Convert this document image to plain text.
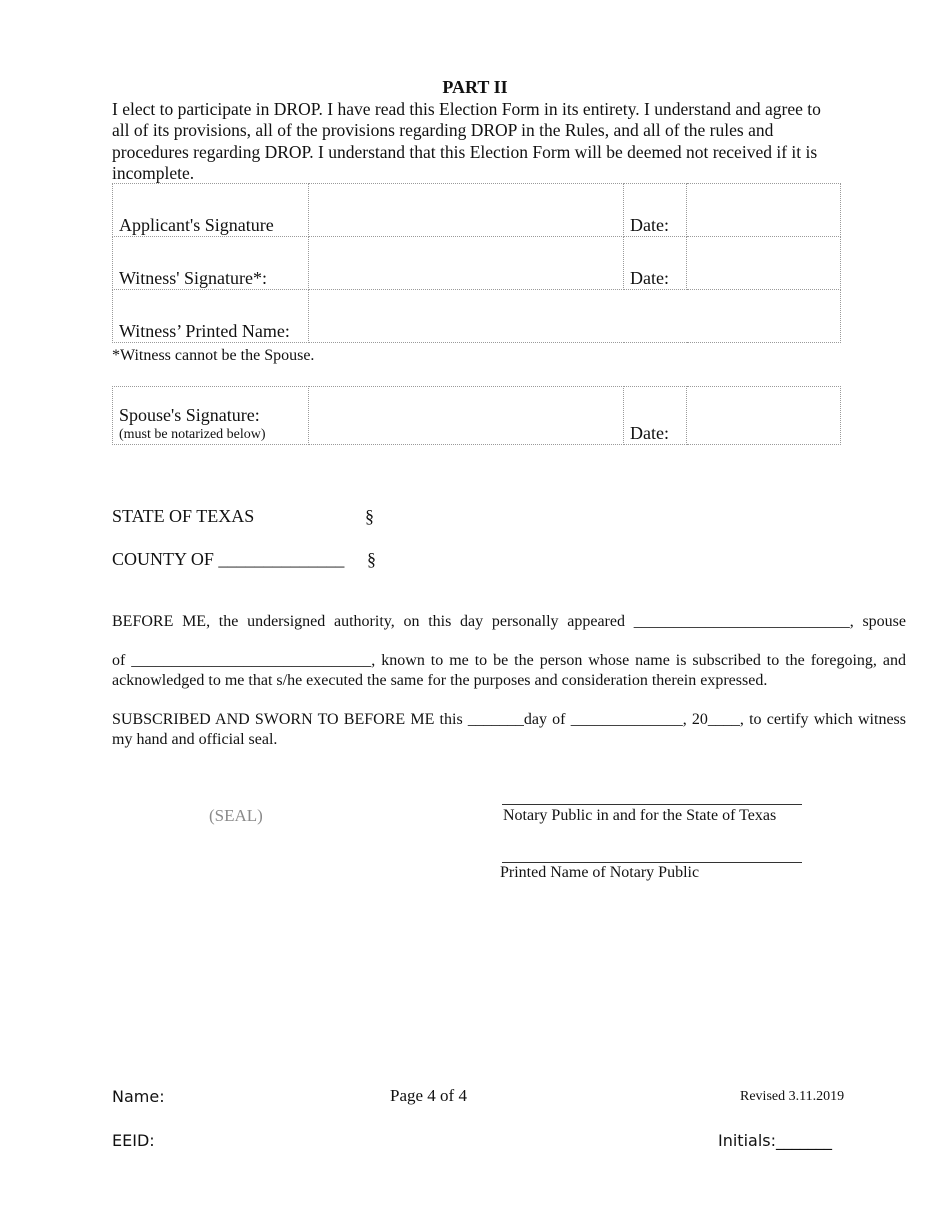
PART II
I elect to participate in DROP. I have read this Election Form in its entirety. I understand and agree to all of its provisions, all of the provisions regarding DROP in the Rules, and all of the rules and procedures regarding DROP. I understand that this Election Form will be deemed not received if it is incomplete.
Applicant's Signature		Date:	
Witness' Signature*:		Date:	
Witness’ Printed Name:			
*Witness cannot be the Spouse.
Spouse's Signature:
(must be notarized below)		Date:	
STATE OF TEXAS	§
COUNTY OF ______________ §
BEFORE ME, the undersigned authority, on this day personally appeared ___________________________, spouse
of ______________________________, known to me to be the person whose name is subscribed to the foregoing, and acknowledged to me that s/he executed the same for the purposes and consideration therein expressed.
SUBSCRIBED AND SWORN TO BEFORE ME this _______day of ______________, 20____, to certify which witness my hand and official seal.
(SEAL)	Notary Public in and for the State of Texas
Printed Name of Notary Public
Name:	Page 4 of 4	Revised 3.11.2019
EEID:	Initials:_______
